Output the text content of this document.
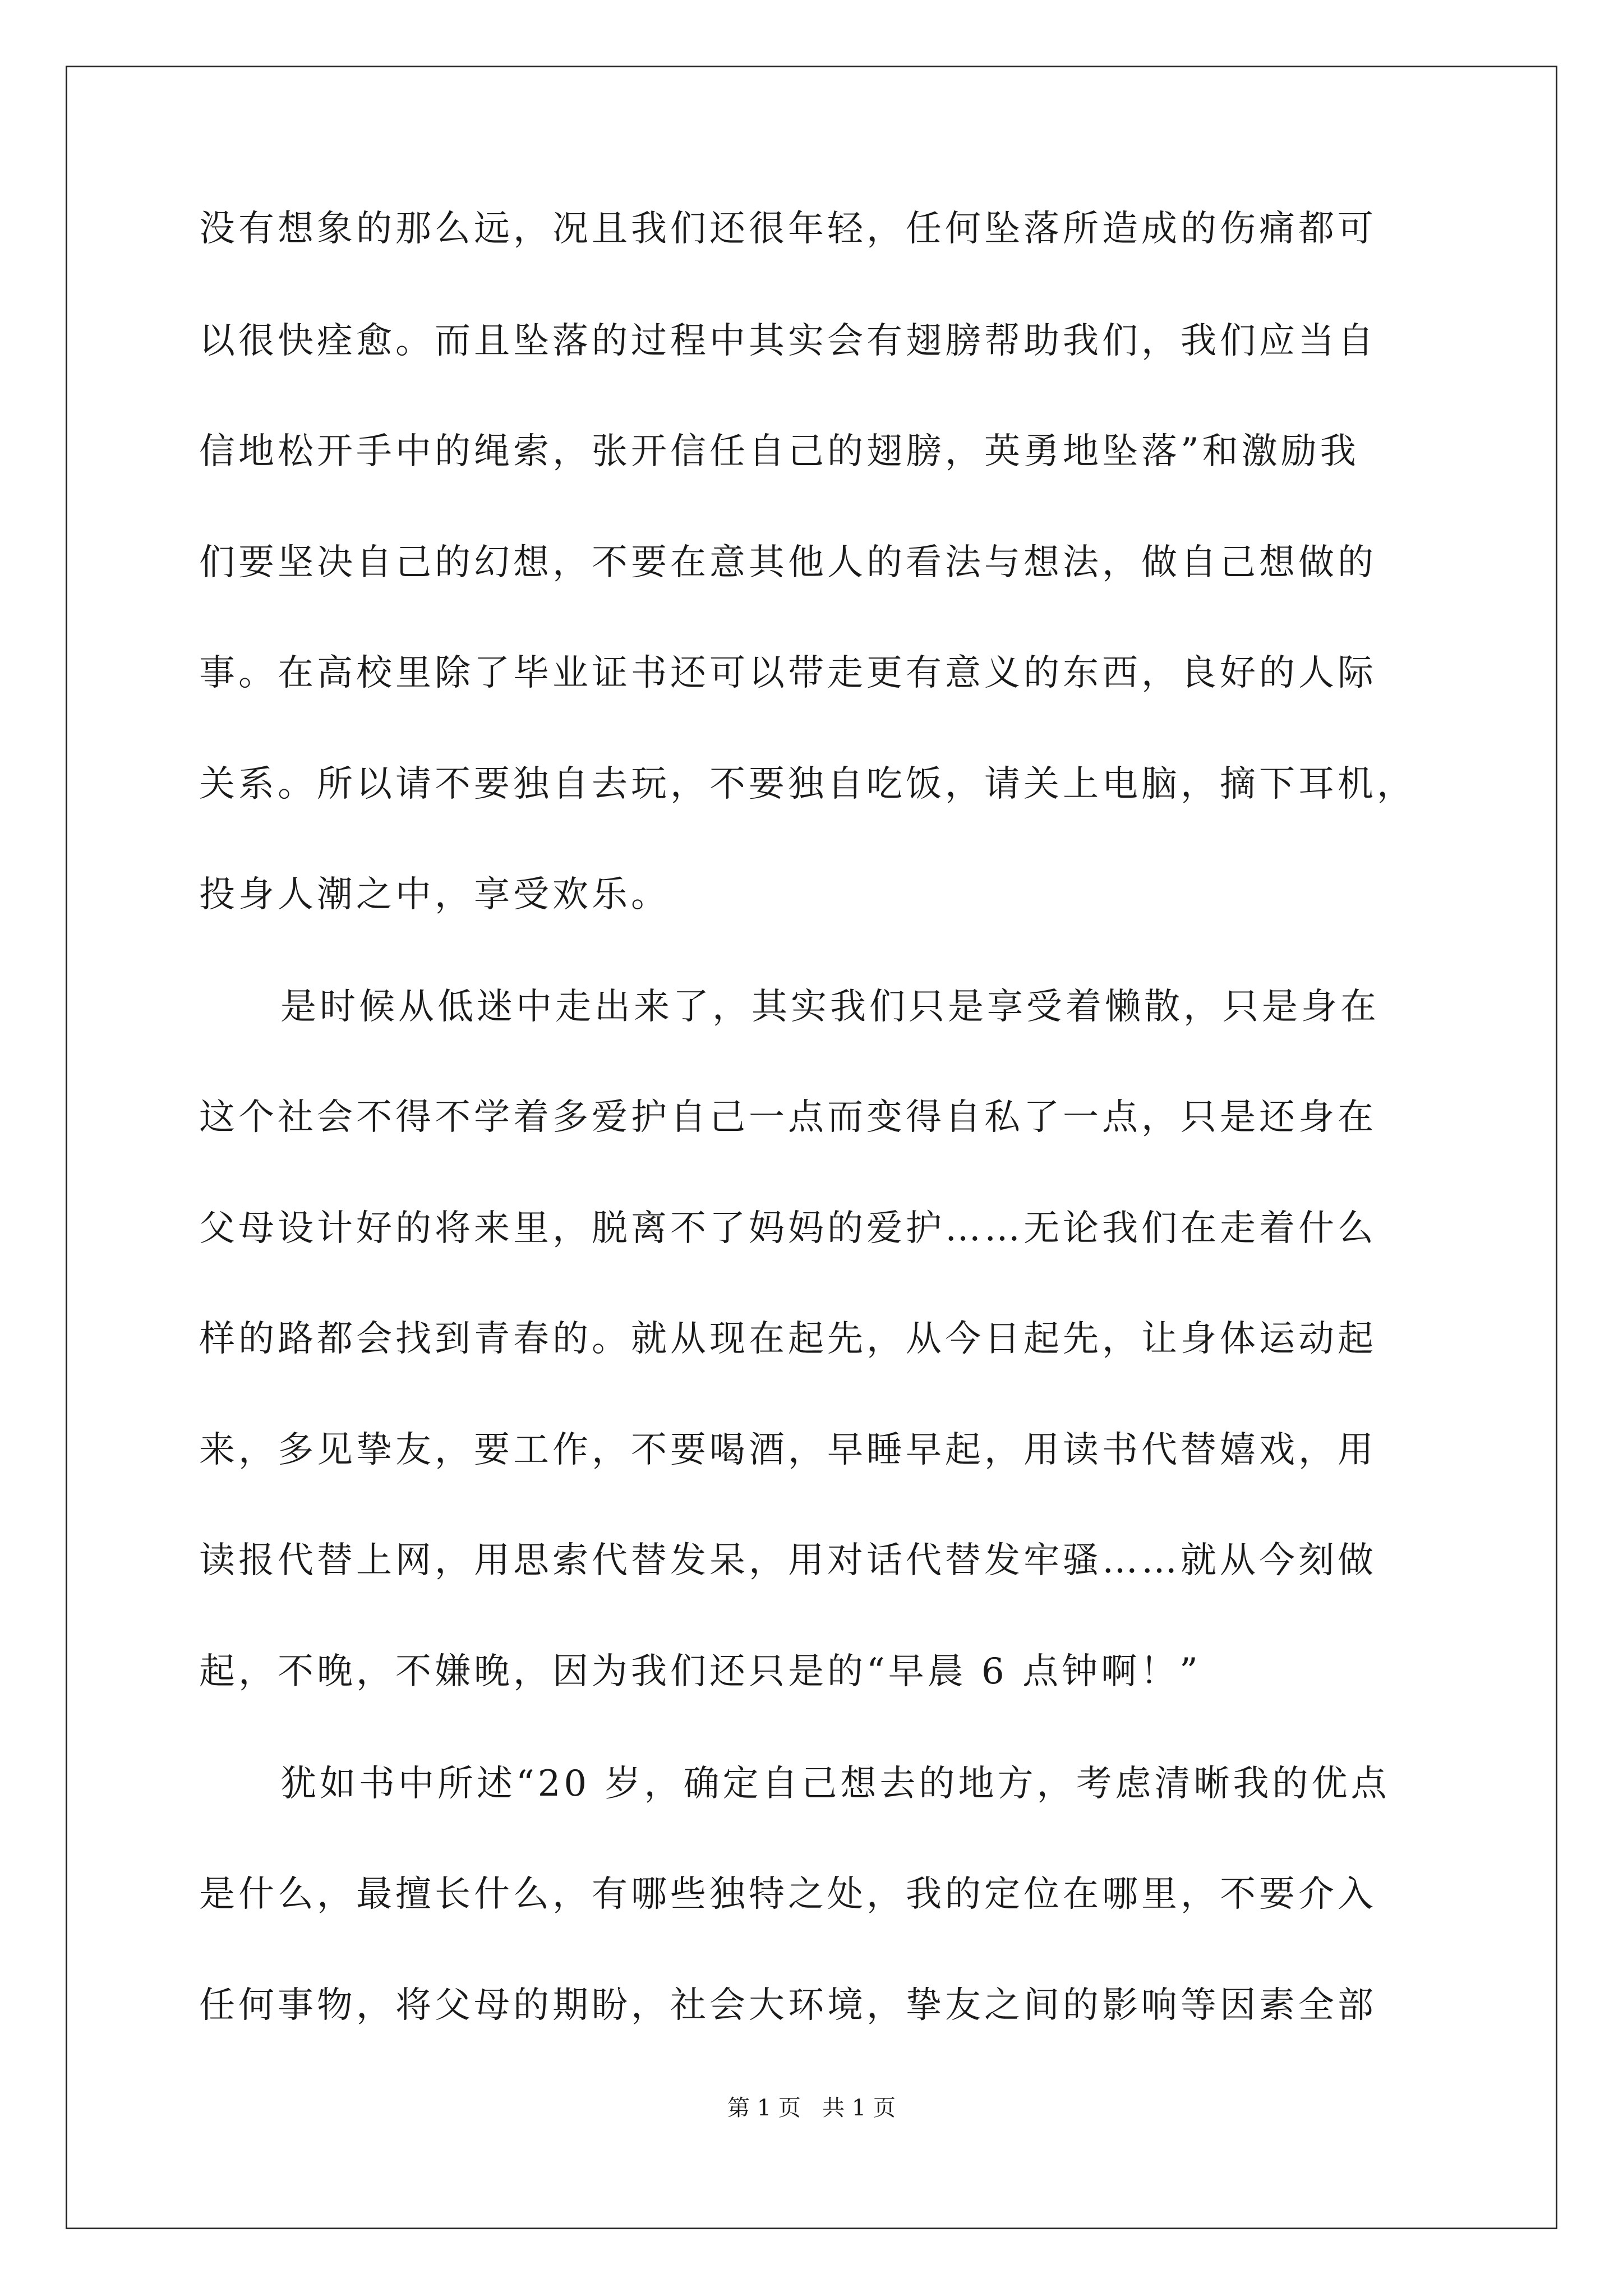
没有想象的那么远，况且我们还很年轻，任何坠落所造成的伤痛都可
以很快痊愈。而且坠落的过程中其实会有翅膀帮助我们，我们应当自
信地松开手中的绳索，张开信任自己的翅膀，英勇地坠落”和激励我
们要坚决自己的幻想，不要在意其他人的看法与想法，做自己想做的
事。在高校里除了毕业证书还可以带走更有意义的东西，良好的人际
关系。所以请不要独自去玩，不要独自吃饭，请关上电脑，摘下耳机，
投身人潮之中，享受欢乐。
是时候从低迷中走出来了，其实我们只是享受着懒散，只是身在
这个社会不得不学着多爱护自己一点而变得自私了一点，只是还身在
父母设计好的将来里，脱离不了妈妈的爱护……无论我们在走着什么
样的路都会找到青春的。就从现在起先，从今日起先，让身体运动起
来，多见挚友，要工作，不要喝酒，早睡早起，用读书代替嬉戏，用
读报代替上网，用思索代替发呆，用对话代替发牢骚……就从今刻做
起，不晚，不嫌晚，因为我们还只是的“早晨 6 点钟啊！”
犹如书中所述“20 岁，确定自己想去的地方，考虑清晰我的优点
是什么，最擅长什么，有哪些独特之处，我的定位在哪里，不要介入
任何事物，将父母的期盼，社会大环境，挚友之间的影响等因素全部
第 1 页   共 1 页
